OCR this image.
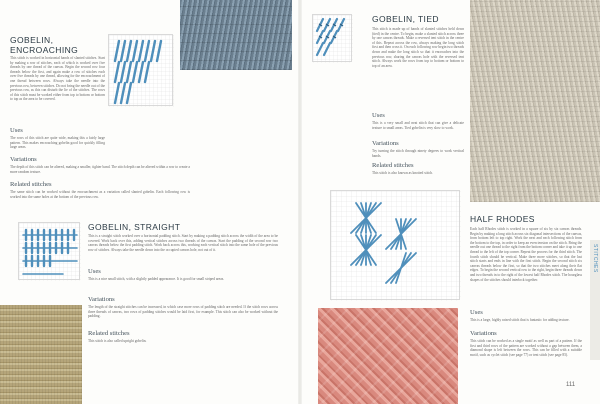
GOBELIN, ENCROACHING
This stitch is worked in horizontal bands of slanted stitches. Start by making a row of stitches, each of which is worked over five threads by one thread of the canvas. Begin the second row four threads below the first, and again make a row of stitches each over five threads by one thread, allowing for the encroachment of one thread between rows. Always take the needle into the previous row, between stitches. Do not bring the needle out of the previous row, as this can disturb the lie of the stitches. The rows of this stitch must be worked either from top to bottom or bottom to top as the area to be covered.
Uses
The rows of this stitch are quite wide, making this a fairly large pattern. This makes encroaching gobelin good for quickly filling large areas.
Variations
The depth of this stitch can be altered, making a smaller, tighter band. The stitch depth can be altered within a row to create a more random texture.
Related stitches
The same stitch can be worked without the encroachment as a variation called slanted gobelin. Each following row is worked into the same holes at the bottom of the previous row.
GOBELIN, STRAIGHT
This is a straight stitch worked over a horizontal padding stitch. Start by making a padding stitch across the width of the area to be covered. Work back over this, adding vertical stitches across two threads of the canvas. Start the padding of the second row two canvas threads below the first padding stitch. Work back across this, working each vertical stitch into the same hole of the previous row of stitches. Always take the needle down into the occupied canvas hole, not out of it.
Uses
This is a nice small stitch, with a slightly padded appearance. It is good for small striped areas.
Variations
The length of the straight stitches can be increased, in which case more rows of padding stitch are needed. If the stitch rows across three threads of canvas, two rows of padding stitches would be laid first, for example. This stitch can also be worked without the padding.
Related stitches
This stitch is also called upright gobelin.
GOBELIN, TIED
This stitch is made up of bands of slanted stitches held down (tied) in the centre. To begin, make a slanted stitch across three by one canvas threads. Make a reversed tent stitch in the centre of this. Repeat across the row, always making the long stitch first and then cross it. On each following row begin two threads down and make the long stitch so that it encroaches into the previous row, sharing the canvas hole with the reversed tent stitch. Always work the rows from top to bottom or bottom to top of an area.
Uses
This is a very small and neat stitch that can give a delicate texture to small areas. Tied gobelin is very slow to work.
Variations
Try turning the stitch through ninety degrees to work vertical bands.
Related stitches
This stitch is also known as knotted stitch.
HALF RHODES
Each half Rhodes stitch is worked in a square of six by six canvas threads. Begin by making a long stitch across six diagonal intersections of the canvas, from bottom left to top right. Work the next and each following stitch from the bottom to the top, in order to keep an even tension on the stitch. Bring the needle out one thread to the right from the bottom corner and take it up to one thread to the left of the top corner. Repeat the process for the third stitch. The fourth stitch should be vertical. Make three more stitches, so that the last stitch starts and ends in line with the first stitch. Begin the second stitch six canvas threads below the first, so that the two stitches meet along their flat edges. To begin the second vertical row to the right, begin three threads down and two threads in to the right of the lowest half Rhodes stitch. The hourglass shapes of the stitches should interlock together.
Uses
This is a large, highly raised stitch that is fantastic for adding texture.
Variations
This stitch can be worked as a single motif as well as part of a pattern. If the first and third rows of the pattern are worked without a gap between them, a diamond shape is left between the rows. This can be filled with a suitable motif, such as cyclet stitch (see page 77) or tent stitch (see page 85).
STITCHES
111
